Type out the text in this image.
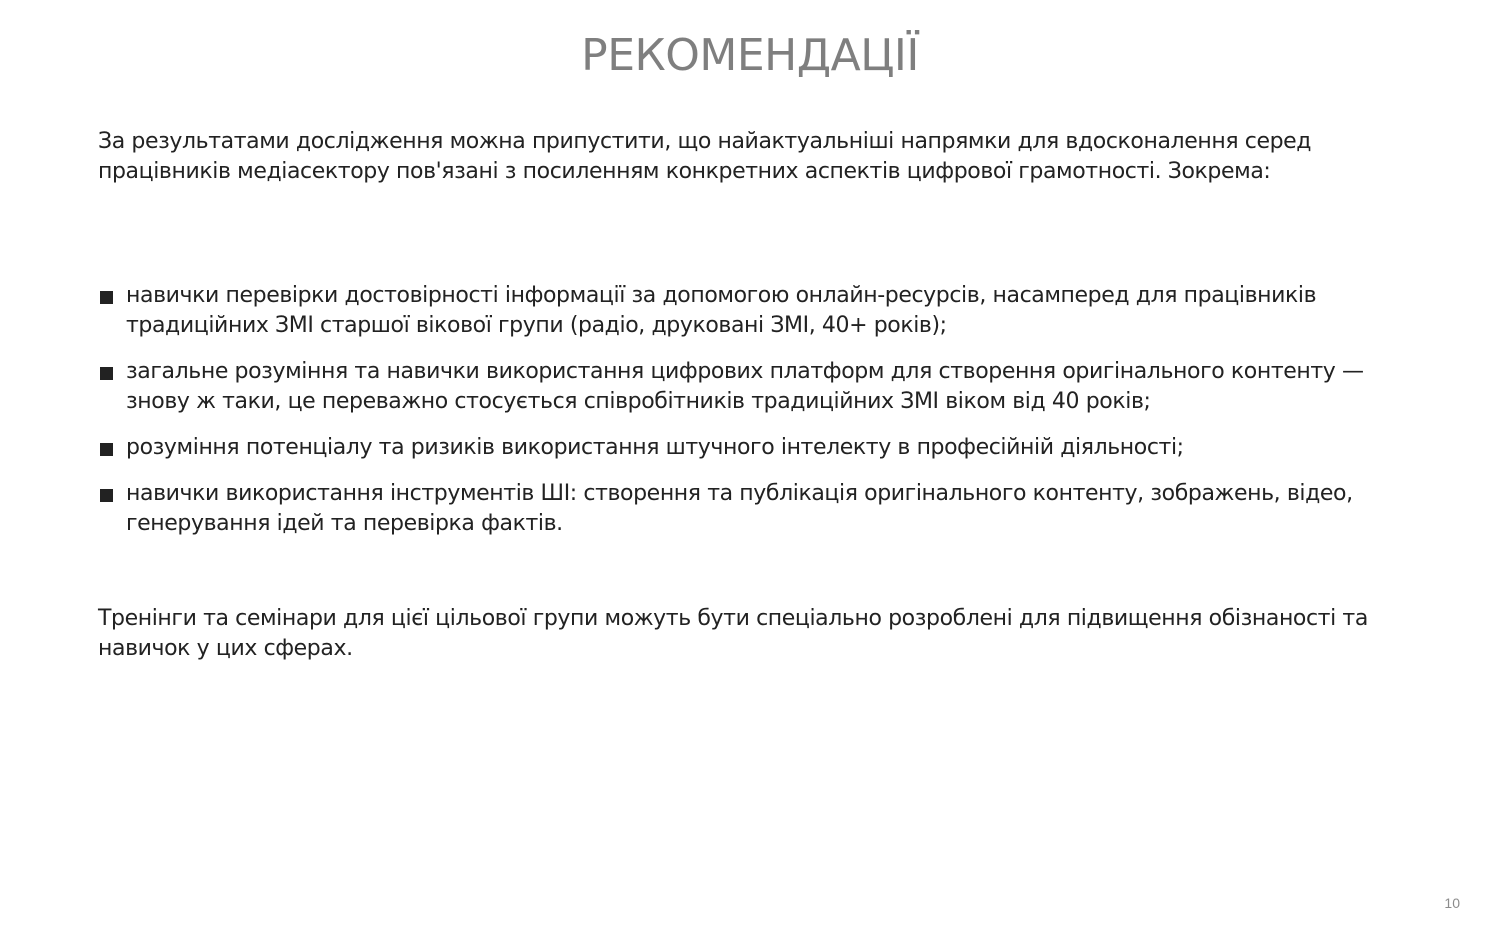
РЕКОМЕНДАЦІЇ

За результатами дослідження можна припустити, що найактуальніші напрямки для вдосконалення серед працівників медіасектору пов'язані з посиленням конкретних аспектів цифрової грамотності. Зокрема:

навички перевірки достовірності інформації за допомогою онлайн-ресурсів, насамперед для працівників традиційних ЗМІ старшої вікової групи (радіо, друковані ЗМІ, 40+ років);
загальне розуміння та навички використання цифрових платформ для створення оригінального контенту — знову ж таки, це переважно стосується співробітників традиційних ЗМІ віком від 40 років;
розуміння потенціалу та ризиків використання штучного інтелекту в професійній діяльності;
навички використання інструментів ШІ: створення та публікація оригінального контенту, зображень, відео, генерування ідей та перевірка фактів.

Тренінги та семінари для цієї цільової групи можуть бути спеціально розроблені для підвищення обізнаності та навичок у цих сферах.

10
